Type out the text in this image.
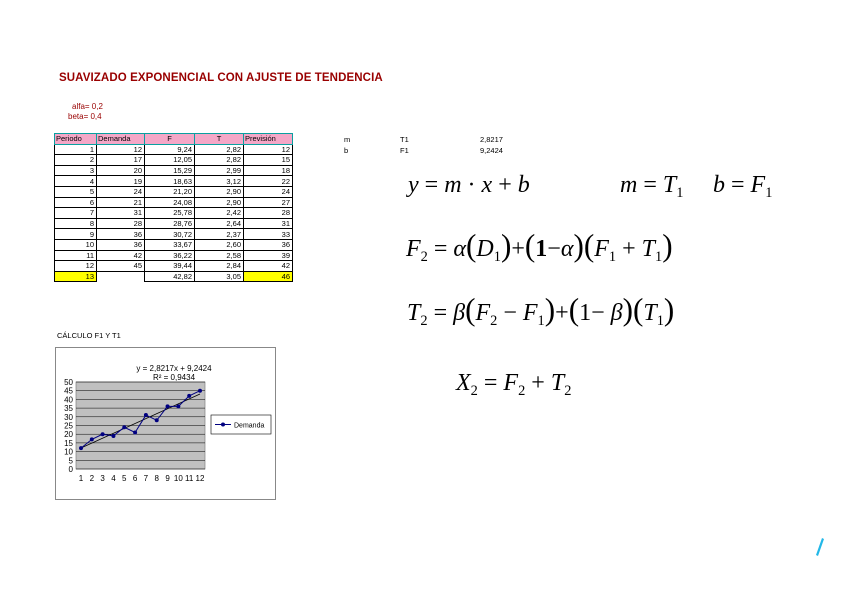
SUAVIZADO EXPONENCIAL CON AJUSTE DE TENDENCIA
alfa= 0,2
beta= 0,4
Periodo	Demanda	F	T	Previsión
1	12	9,24	2,82	12
2	17	12,05	2,82	15
3	20	15,29	2,99	18
4	19	18,63	3,12	22
5	24	21,20	2,90	24
6	21	24,08	2,90	27
7	31	25,78	2,42	28
8	28	28,76	2,64	31
9	36	30,72	2,37	33
10	36	33,67	2,60	36
11	42	36,22	2,58	39
12	45	39,44	2,84	42
13		42,82	3,05	46
m	T1	2,8217
b	F1	9,2424
y = m · x + b	$m = T_1$ $b = F_1$
$F_2 = \alpha(D_1)+(1-\alpha)(F_1 + T_1)$
$T_2 = \beta(F_2 - F_1)+(1- \beta)(T_1)$
$X_2 = F_2 + T_2$
CÁLCULO F1 Y T1
50
45
40
35
30
25
20
15
10
5
0
1 2 3 4 5 6 7 8 9 10 11 12
y = 2,8217x + 9,2424
R² = 0,9434
Demanda
